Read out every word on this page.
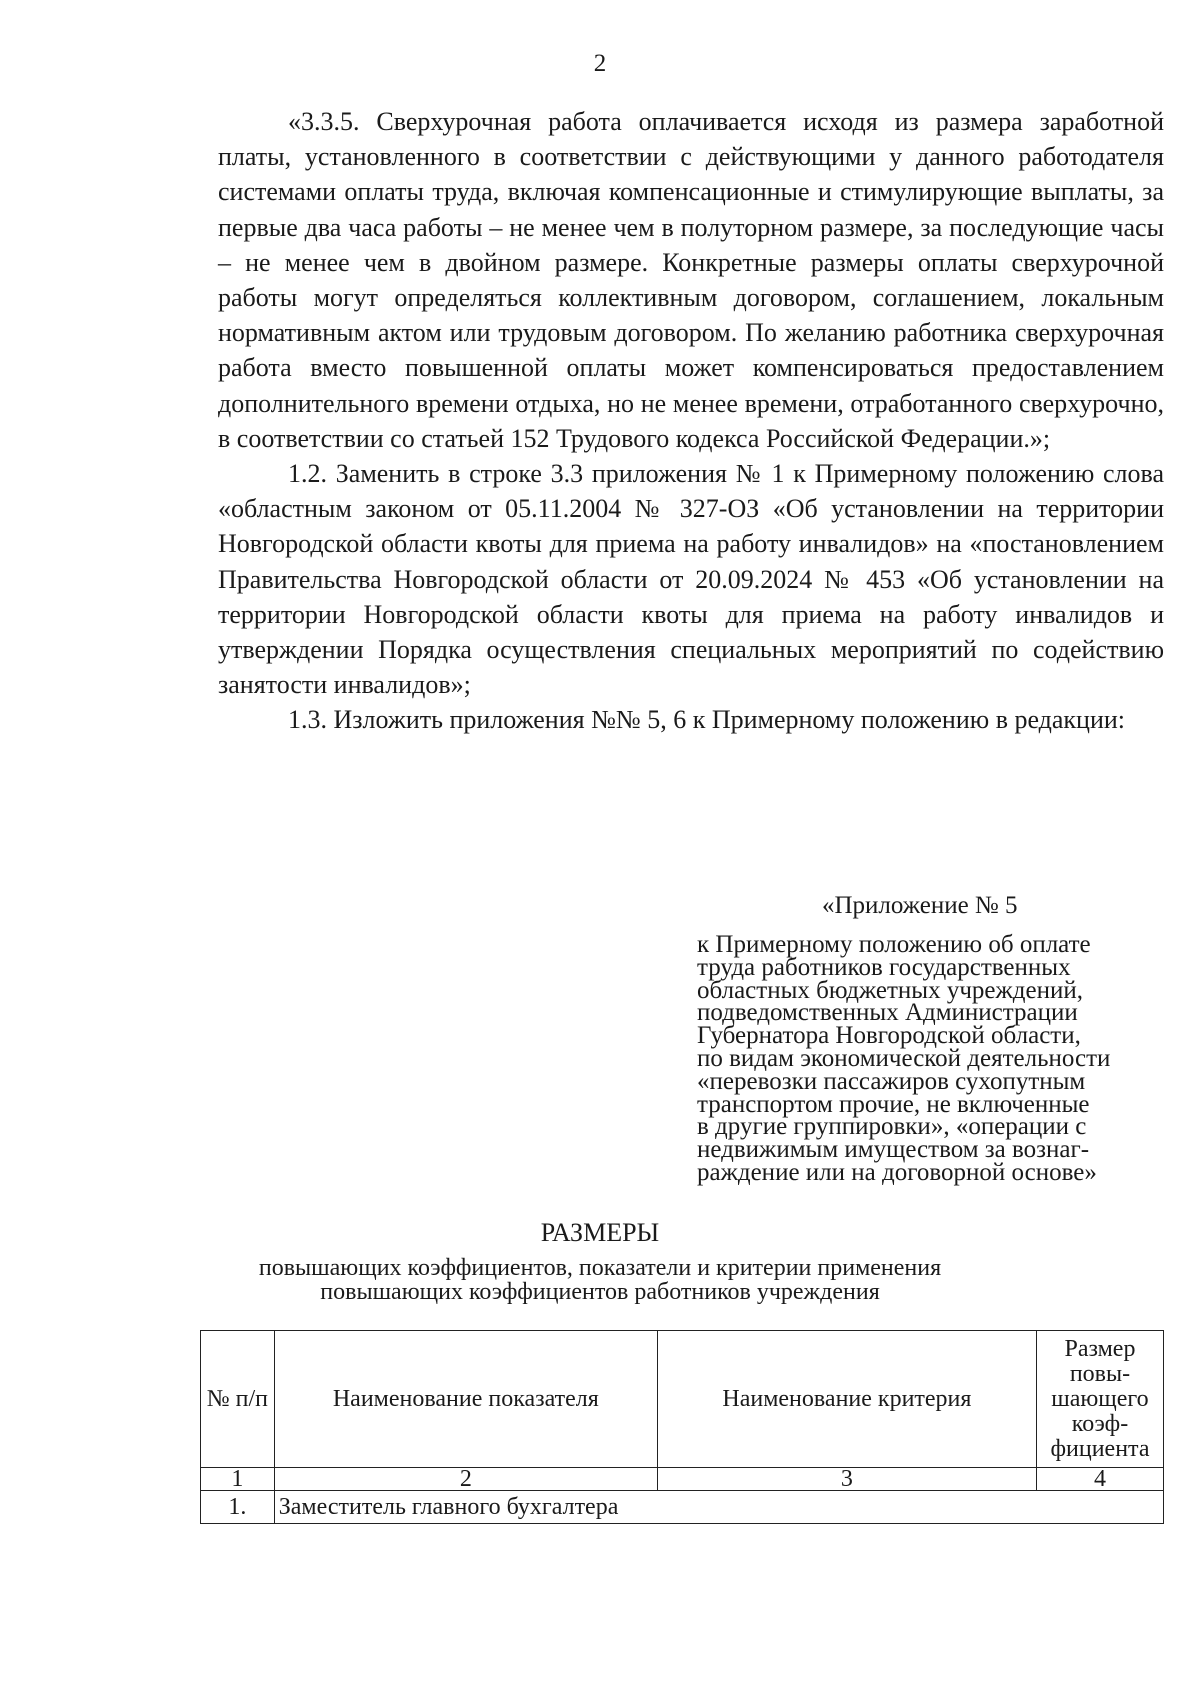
2

«3.3.5. Сверхурочная работа оплачивается исходя из размера заработной платы, установленного в соответствии с действующими у данного работодателя системами оплаты труда, включая компенсационные и стимулирующие выплаты, за первые два часа работы – не менее чем в полуторном размере, за последующие часы – не менее чем в двойном размере. Конкретные размеры оплаты сверхурочной работы могут определяться коллективным договором, соглашением, локальным нормативным актом или трудовым договором. По желанию работника сверхурочная работа вместо повышенной оплаты может компенсироваться предоставлением дополнительного времени отдыха, но не менее времени, отработанного сверхурочно, в соответствии со статьей 152 Трудового кодекса Российской Федерации.»;

1.2. Заменить в строке 3.3 приложения № 1 к Примерному положению слова «областным законом от 05.11.2004 № 327-ОЗ «Об установлении на территории Новгородской области квоты для приема на работу инвалидов» на «постановлением Правительства Новгородской области от 20.09.2024 № 453 «Об установлении на территории Новгородской области квоты для приема на работу инвалидов и утверждении Порядка осуществления специальных мероприятий по содействию занятости инвалидов»;

1.3. Изложить приложения №№ 5, 6 к Примерному положению в редакции:

«Приложение № 5
к Примерному положению об оплате
труда работников государственных
областных бюджетных учреждений,
подведомственных Администрации
Губернатора Новгородской области,
по видам экономической деятельности
«перевозки пассажиров сухопутным
транспортом прочие, не включенные
в другие группировки», «операции с
недвижимым имуществом за вознаг-
раждение или на договорной основе»
РАЗМЕРЫ
повышающих коэффициентов, показатели и критерии применения
повышающих коэффициентов работников учреждения
№ п/п	Наименование показателя	Наименование критерия	Размер повы-шающего коэф-фициента
1	2	3	4
1.	Заместитель главного бухгалтера		
